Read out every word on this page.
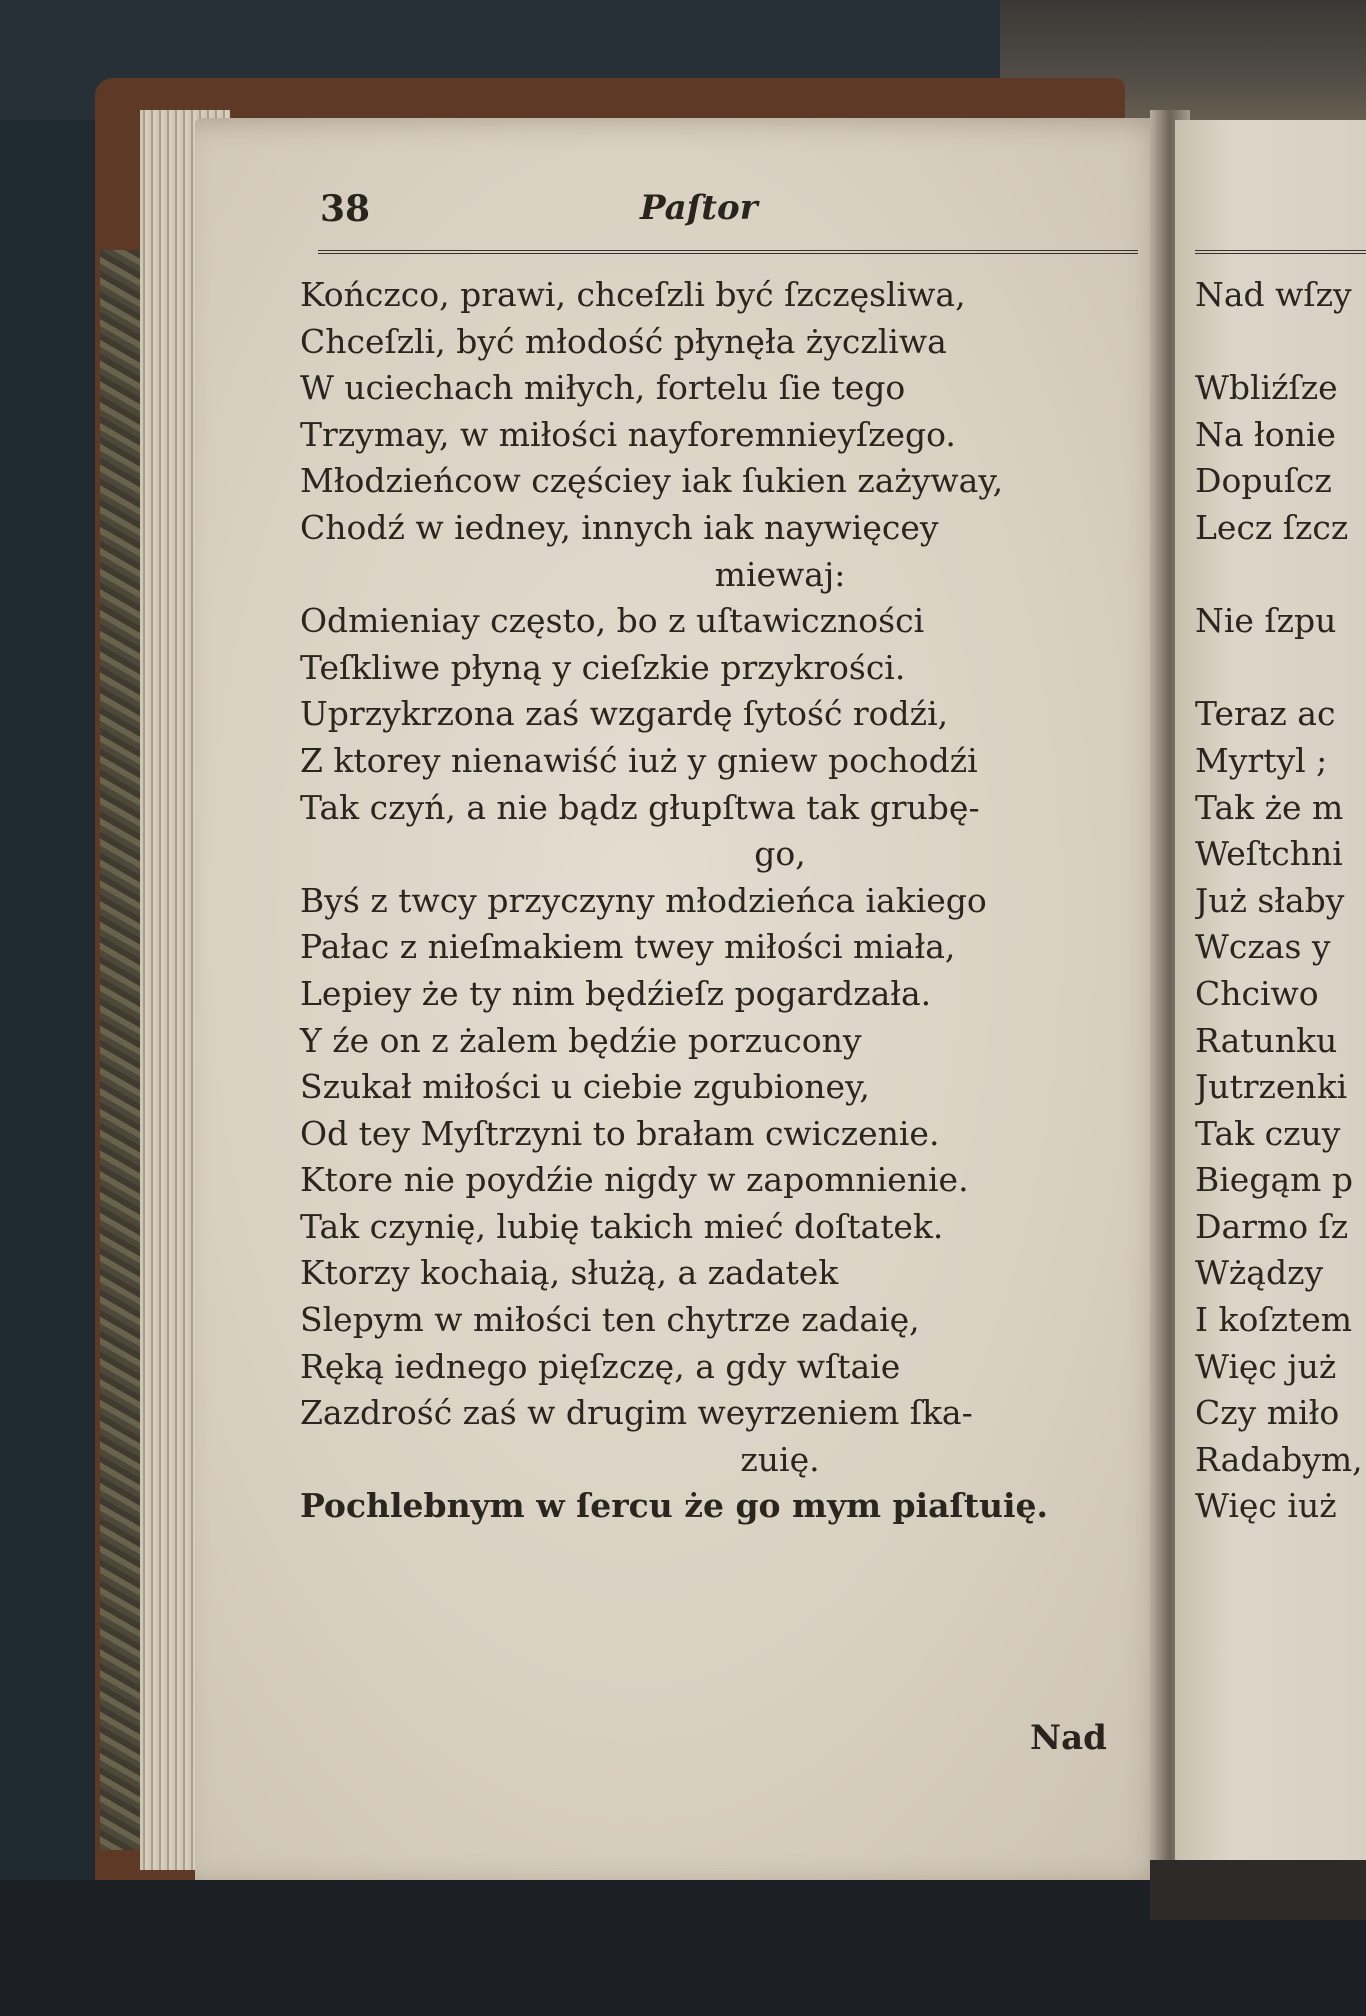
38	Paſtor
Kończco, prawi, chceſzli być ſzczęsliwa,
Chceſzli, być młodość płynęła życzliwa
W uciechach miłych, fortelu ſie tego
Trzymay, w miłości nayforemnieyſzego.
Młodzieńcow częściey iak ſukien zażyway,
Chodź w iedney, innych iak naywięcey
miewaj:
Odmieniay często, bo z uſtawiczności
Teſkliwe płyną y cieſzkie przykrości.
Uprzykrzona zaś wzgardę ſytość rodźi,
Z ktorey nienawiść iuż y gniew pochodźi
Tak czyń, a nie bądz głupſtwa tak grubę-
go,
Byś z twcy przyczyny młodzieńca iakiego
Pałac z nieſmakiem twey miłości miała,
Lepiey że ty nim będźieſz pogardzała.
Y źe on z żalem będźie porzucony
Szukał miłości u ciebie zgubioney,
Od tey Myſtrzyni to brałam cwiczenie.
Ktore nie poydźie nigdy w zapomnienie.
Tak czynię, lubię takich mieć doſtatek.
Ktorzy kochaią, służą, a zadatek
Slepym w miłości ten chytrze zadaię,
Ręką iednego pięſzczę, a gdy wſtaie
Zazdrość zaś w drugim weyrzeniem ſka-
zuię.
Pochlebnym w ſercu że go mym piaſtuię.
Nad
Nad wſzy
Wbliźſze
Na łonie
Dopuſcz
Lecz ſzcz
Nie ſzpu
Teraz ac
Myrtyl ;
Tak że m
Weſtchni
Już słaby
Wczas y
Chciwo
Ratunku
Jutrzenki
Tak czuy
Biegąm p
Darmo ſz
Wżądzy
I koſztem
Więc już
Czy miło
Radabym,
Więc iuż
